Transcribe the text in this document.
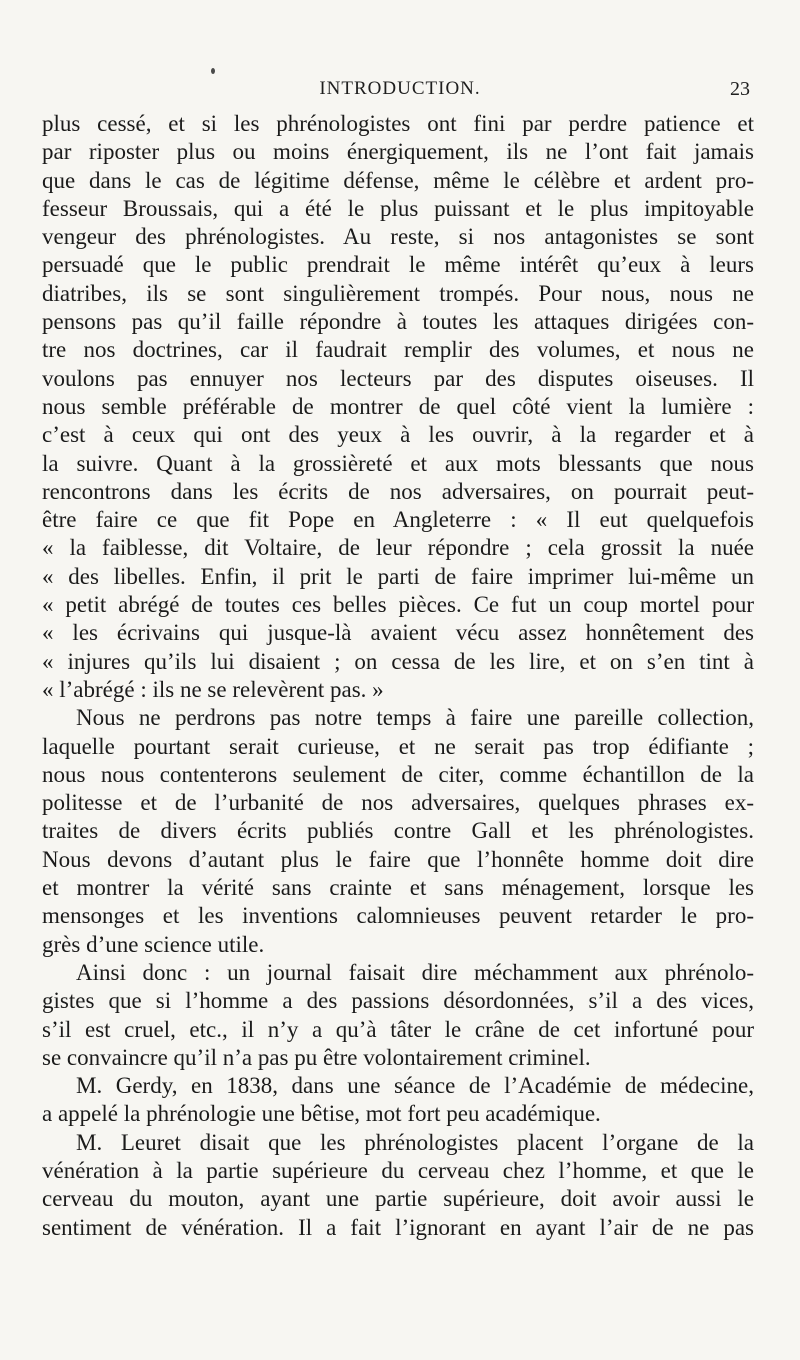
INTRODUCTION.	23
plus cessé, et si les phrénologistes ont fini par perdre patience et
par riposter plus ou moins énergiquement, ils ne l’ont fait jamais
que dans le cas de légitime défense, même le célèbre et ardent pro-
fesseur Broussais, qui a été le plus puissant et le plus impitoyable
vengeur des phrénologistes. Au reste, si nos antagonistes se sont
persuadé que le public prendrait le même intérêt qu’eux à leurs
diatribes, ils se sont singulièrement trompés. Pour nous, nous ne
pensons pas qu’il faille répondre à toutes les attaques dirigées con-
tre nos doctrines, car il faudrait remplir des volumes, et nous ne
voulons pas ennuyer nos lecteurs par des disputes oiseuses. Il
nous semble préférable de montrer de quel côté vient la lumière :
c’est à ceux qui ont des yeux à les ouvrir, à la regarder et à
la suivre. Quant à la grossièreté et aux mots blessants que nous
rencontrons dans les écrits de nos adversaires, on pourrait peut-
être faire ce que fit Pope en Angleterre : « Il eut quelquefois
« la faiblesse, dit Voltaire, de leur répondre ; cela grossit la nuée
« des libelles. Enfin, il prit le parti de faire imprimer lui-même un
« petit abrégé de toutes ces belles pièces. Ce fut un coup mortel pour
« les écrivains qui jusque-là avaient vécu assez honnêtement des
« injures qu’ils lui disaient ; on cessa de les lire, et on s’en tint à
« l’abrégé : ils ne se relevèrent pas. »
Nous ne perdrons pas notre temps à faire une pareille collection,
laquelle pourtant serait curieuse, et ne serait pas trop édifiante ;
nous nous contenterons seulement de citer, comme échantillon de la
politesse et de l’urbanité de nos adversaires, quelques phrases ex-
traites de divers écrits publiés contre Gall et les phrénologistes.
Nous devons d’autant plus le faire que l’honnête homme doit dire
et montrer la vérité sans crainte et sans ménagement, lorsque les
mensonges et les inventions calomnieuses peuvent retarder le pro-
grès d’une science utile.
Ainsi donc : un journal faisait dire méchamment aux phrénolo-
gistes que si l’homme a des passions désordonnées, s’il a des vices,
s’il est cruel, etc., il n’y a qu’à tâter le crâne de cet infortuné pour
se convaincre qu’il n’a pas pu être volontairement criminel.
M. Gerdy, en 1838, dans une séance de l’Académie de médecine,
a appelé la phrénologie une bêtise, mot fort peu académique.
M. Leuret disait que les phrénologistes placent l’organe de la
vénération à la partie supérieure du cerveau chez l’homme, et que le
cerveau du mouton, ayant une partie supérieure, doit avoir aussi le
sentiment de vénération. Il a fait l’ignorant en ayant l’air de ne pas
